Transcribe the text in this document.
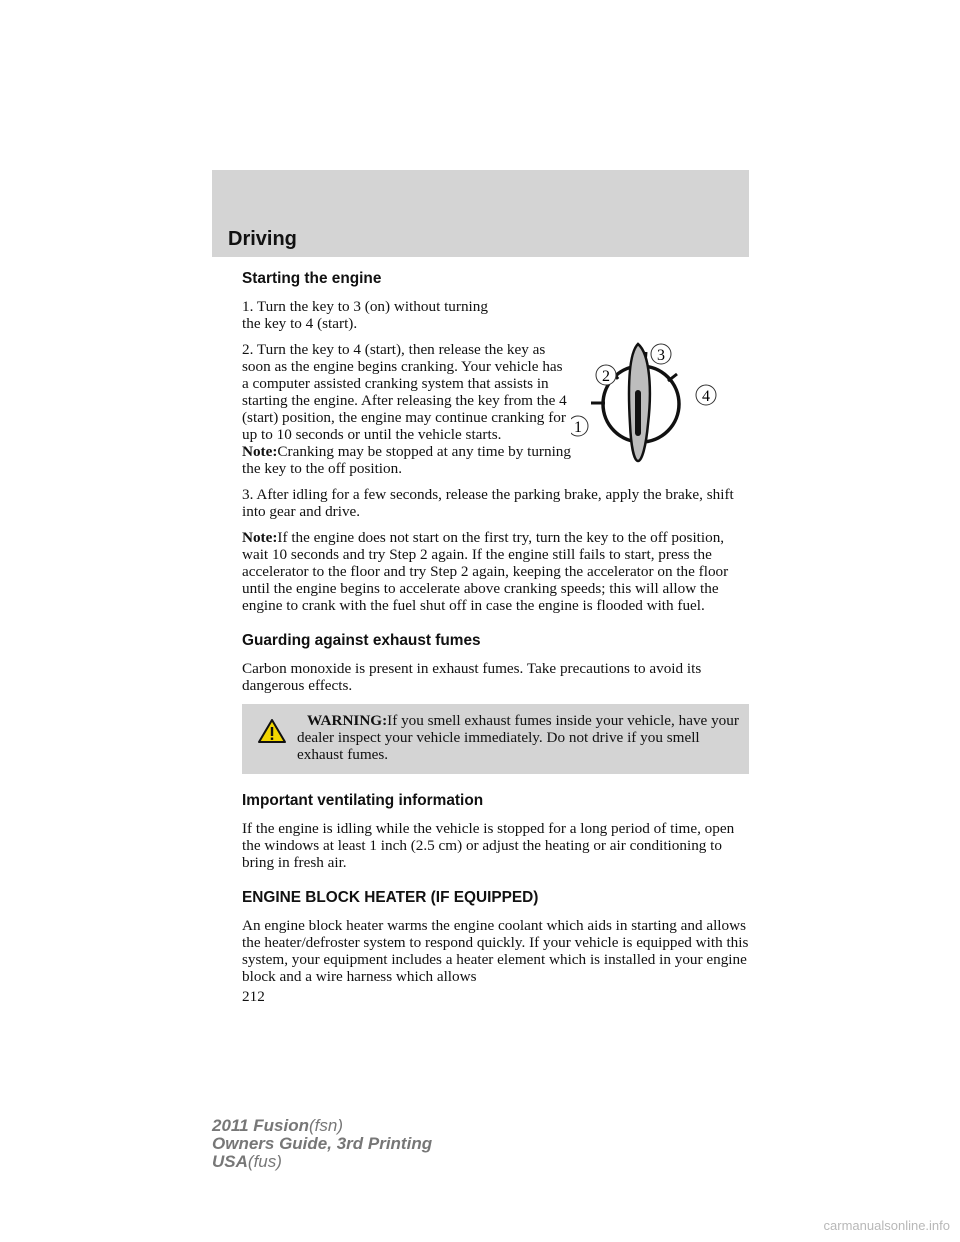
Driving
Starting the engine
1
2
3
4

1. Turn the key to 3 (on) without turning the key to 4 (start).

2. Turn the key to 4 (start), then release the key as soon as the engine begins cranking. Your vehicle has a computer assisted cranking system that assists in starting the engine. After releasing the key from the 4 (start) position, the engine may continue cranking for up to 10 seconds or until the vehicle starts.

Note:Cranking may be stopped at any time by turning the key to the off position.

3. After idling for a few seconds, release the parking brake, apply the brake, shift into gear and drive.

Note:If the engine does not start on the first try, turn the key to the off position, wait 10 seconds and try Step 2 again. If the engine still fails to start, press the accelerator to the floor and try Step 2 again, keeping the accelerator on the floor until the engine begins to accelerate above cranking speeds; this will allow the engine to crank with the fuel shut off in case the engine is flooded with fuel.

Guarding against exhaust fumes

Carbon monoxide is present in exhaust fumes. Take precautions to avoid its dangerous effects.

WARNING:If you smell exhaust fumes inside your vehicle, have your dealer inspect your vehicle immediately. Do not drive if you smell exhaust fumes.

Important ventilating information

If the engine is idling while the vehicle is stopped for a long period of time, open the windows at least 1 inch (2.5 cm) or adjust the heating or air conditioning to bring in fresh air.

ENGINE BLOCK HEATER (IF EQUIPPED)

An engine block heater warms the engine coolant which aids in starting and allows the heater/defroster system to respond quickly. If your vehicle is equipped with this system, your equipment includes a heater element which is installed in your engine block and a wire harness which allows

212
2011 Fusion(fsn)
Owners Guide, 3rd Printing
USA(fus)
carmanualsonline.info
